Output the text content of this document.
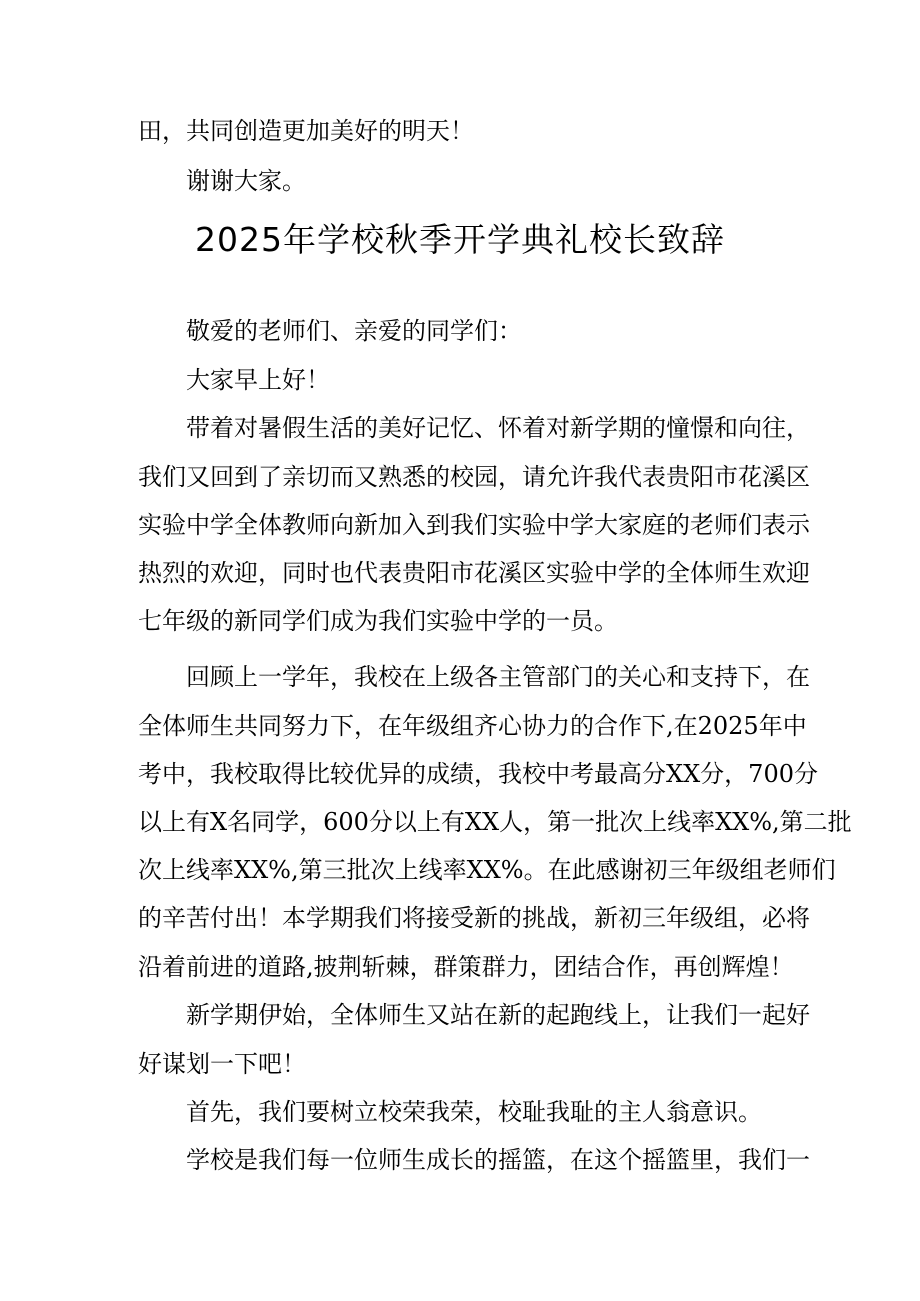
田，共同创造更加美好的明天！
谢谢大家。
2025年学校秋季开学典礼校长致辞
敬爱的老师们、亲爱的同学们：
大家早上好！
带着对暑假生活的美好记忆、怀着对新学期的憧憬和向往，
我们又回到了亲切而又熟悉的校园，请允许我代表贵阳市花溪区
实验中学全体教师向新加入到我们实验中学大家庭的老师们表示
热烈的欢迎，同时也代表贵阳市花溪区实验中学的全体师生欢迎
七年级的新同学们成为我们实验中学的一员。
回顾上一学年，我校在上级各主管部门的关心和支持下，在
全体师生共同努力下，在年级组齐心协力的合作下,在2025年中
考中，我校取得比较优异的成绩，我校中考最高分XX分，700分
以上有X名同学，600分以上有XX人，第一批次上线率XX%,第二批
次上线率XX%,第三批次上线率XX%。在此感谢初三年级组老师们
的辛苦付出！本学期我们将接受新的挑战，新初三年级组，必将
沿着前进的道路,披荆斩棘，群策群力，团结合作，再创辉煌！
新学期伊始，全体师生又站在新的起跑线上，让我们一起好
好谋划一下吧！
首先，我们要树立校荣我荣，校耻我耻的主人翁意识。
学校是我们每一位师生成长的摇篮，在这个摇篮里，我们一
